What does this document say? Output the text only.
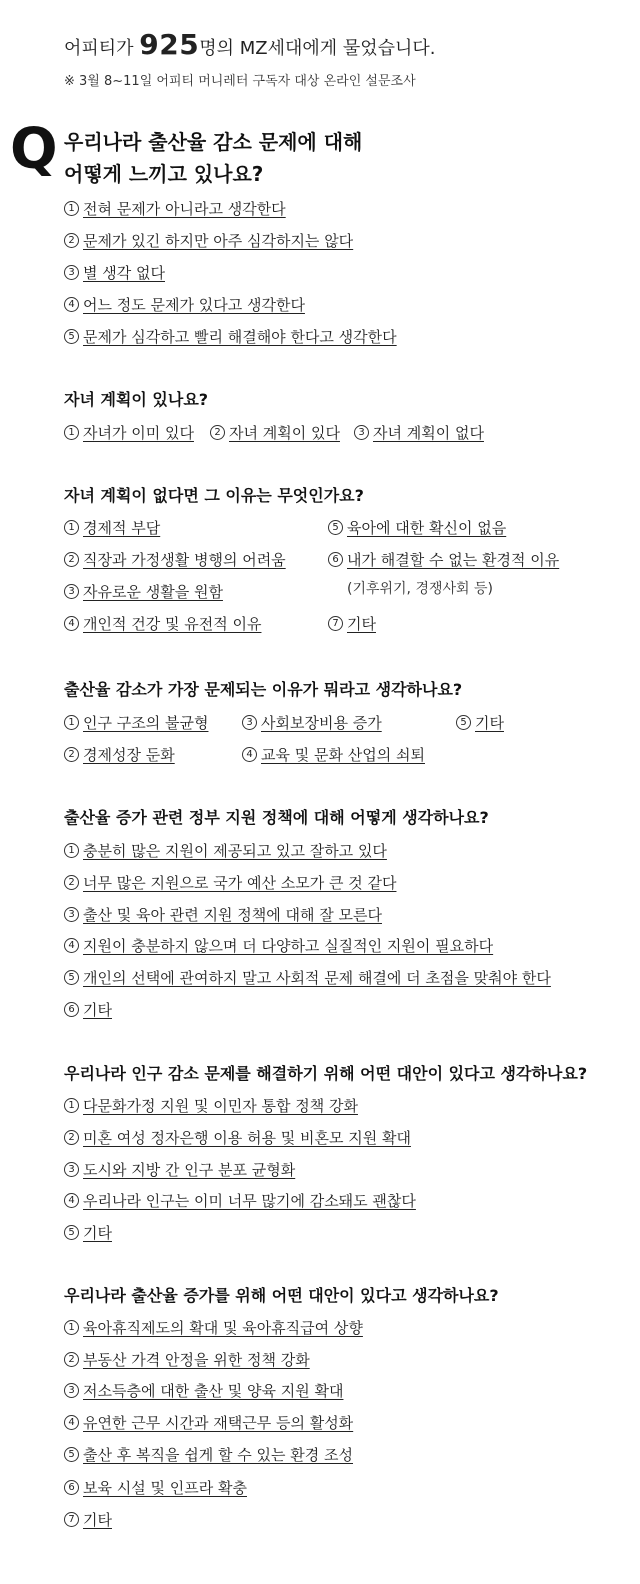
어피티가 925명의 MZ세대에게 물었습니다.
※ 3월 8~11일 어피티 머니레터 구독자 대상 온라인 설문조사
Q 우리나라 출산율 감소 문제에 대해
어떻게 느끼고 있나요?
1 전혀 문제가 아니라고 생각한다
2 문제가 있긴 하지만 아주 심각하지는 않다
3 별 생각 없다
4 어느 정도 문제가 있다고 생각한다
5 문제가 심각하고 빨리 해결해야 한다고 생각한다
자녀 계획이 있나요?
1 자녀가 이미 있다	2 자녀 계획이 있다	3 자녀 계획이 없다
자녀 계획이 없다면 그 이유는 무엇인가요?
1 경제적 부담
2 직장과 가정생활 병행의 어려움
3 자유로운 생활을 원함
4 개인적 건강 및 유전적 이유
5 육아에 대한 확신이 없음
6 내가 해결할 수 없는 환경적 이유
(기후위기, 경쟁사회 등)
7 기타
출산율 감소가 가장 문제되는 이유가 뭐라고 생각하나요?
1 인구 구조의 불균형
2 경제성장 둔화
3 사회보장비용 증가
4 교육 및 문화 산업의 쇠퇴
5 기타
출산율 증가 관련 정부 지원 정책에 대해 어떻게 생각하나요?
1 충분히 많은 지원이 제공되고 있고 잘하고 있다
2 너무 많은 지원으로 국가 예산 소모가 큰 것 같다
3 출산 및 육아 관련 지원 정책에 대해 잘 모른다
4 지원이 충분하지 않으며 더 다양하고 실질적인 지원이 필요하다
5 개인의 선택에 관여하지 말고 사회적 문제 해결에 더 초점을 맞춰야 한다
6 기타
우리나라 인구 감소 문제를 해결하기 위해 어떤 대안이 있다고 생각하나요?
1 다문화가정 지원 및 이민자 통합 정책 강화
2 미혼 여성 정자은행 이용 허용 및 비혼모 지원 확대
3 도시와 지방 간 인구 분포 균형화
4 우리나라 인구는 이미 너무 많기에 감소돼도 괜찮다
5 기타
우리나라 출산율 증가를 위해 어떤 대안이 있다고 생각하나요?
1 육아휴직제도의 확대 및 육아휴직급여 상향
2 부동산 가격 안정을 위한 정책 강화
3 저소득층에 대한 출산 및 양육 지원 확대
4 유연한 근무 시간과 재택근무 등의 활성화
5 출산 후 복직을 쉽게 할 수 있는 환경 조성
6 보육 시설 및 인프라 확충
7 기타
